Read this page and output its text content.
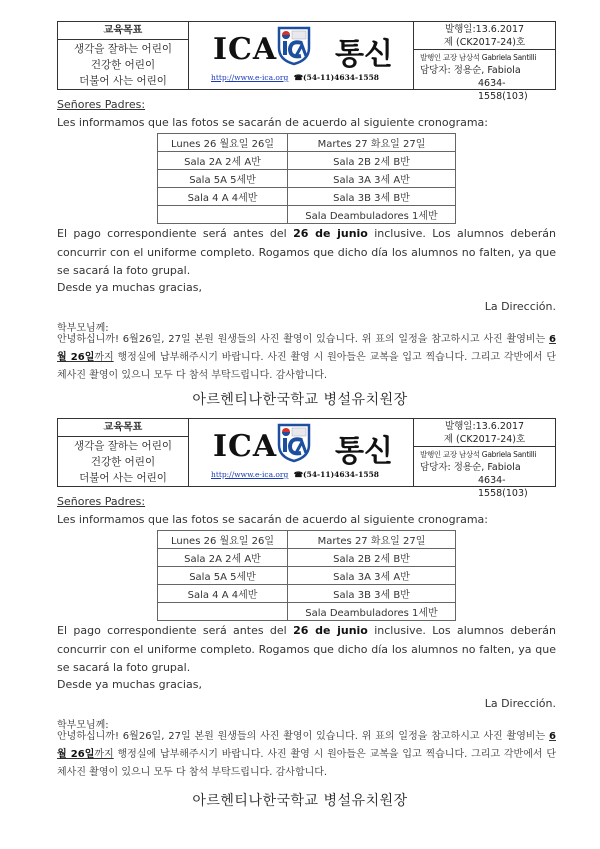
교육목표
생각을 잘하는 어린이
건강한 어린이
더불어 사는 어린이
ICA 통신
http://www.e-ica.org ☎(54-11)4634-1558
발행일:13.6.2017
제 (CK2017-24)호
발행인 교장 남상석 Gabriela Santilli
담당자: 정용순, Fabiola
4634-1558(103)
Señores Padres:
Les informamos que las fotos se sacarán de acuerdo al siguiente cronograma:
Lunes 26 월요일 26일	Martes 27 화요일 27일
Sala 2A 2세 A반	Sala 2B 2세 B반
Sala 5A 5세반	Sala 3A 3세 A반
Sala 4 A 4세반	Sala 3B 3세 B반
	Sala Deambuladores 1세반
El pago correspondiente será antes del 26 de junio inclusive. Los alumnos deberán concurrir con el uniforme completo. Rogamos que dicho día los alumnos no falten, ya que se sacará la foto grupal.
Desde ya muchas gracias,
La Dirección.
학부모님께:
안녕하십니까! 6월26일, 27일 본원 원생들의 사진 촬영이 있습니다. 위 표의 일정을 참고하시고 사진 촬영비는 6월 26일까지 행정실에 납부해주시기 바랍니다. 사진 촬영 시 원아들은 교복을 입고 찍습니다. 그리고 각반에서 단체사진 촬영이 있으니 모두 다 참석 부탁드립니다. 감사합니다.
아르헨티나한국학교 병설유치원장
교육목표
생각을 잘하는 어린이
건강한 어린이
더불어 사는 어린이
ICA 통신
http://www.e-ica.org ☎(54-11)4634-1558
발행일:13.6.2017
제 (CK2017-24)호
발행인 교장 남상석 Gabriela Santilli
담당자: 정용순, Fabiola
4634-1558(103)
Señores Padres:
Les informamos que las fotos se sacarán de acuerdo al siguiente cronograma:
Lunes 26 월요일 26일	Martes 27 화요일 27일
Sala 2A 2세 A반	Sala 2B 2세 B반
Sala 5A 5세반	Sala 3A 3세 A반
Sala 4 A 4세반	Sala 3B 3세 B반
	Sala Deambuladores 1세반
El pago correspondiente será antes del 26 de junio inclusive. Los alumnos deberán concurrir con el uniforme completo. Rogamos que dicho día los alumnos no falten, ya que se sacará la foto grupal.
Desde ya muchas gracias,
La Dirección.
학부모님께:
안녕하십니까! 6월26일, 27일 본원 원생들의 사진 촬영이 있습니다. 위 표의 일정을 참고하시고 사진 촬영비는 6월 26일까지 행정실에 납부해주시기 바랍니다. 사진 촬영 시 원아들은 교복을 입고 찍습니다. 그리고 각반에서 단체사진 촬영이 있으니 모두 다 참석 부탁드립니다. 감사합니다.
아르헨티나한국학교 병설유치원장
